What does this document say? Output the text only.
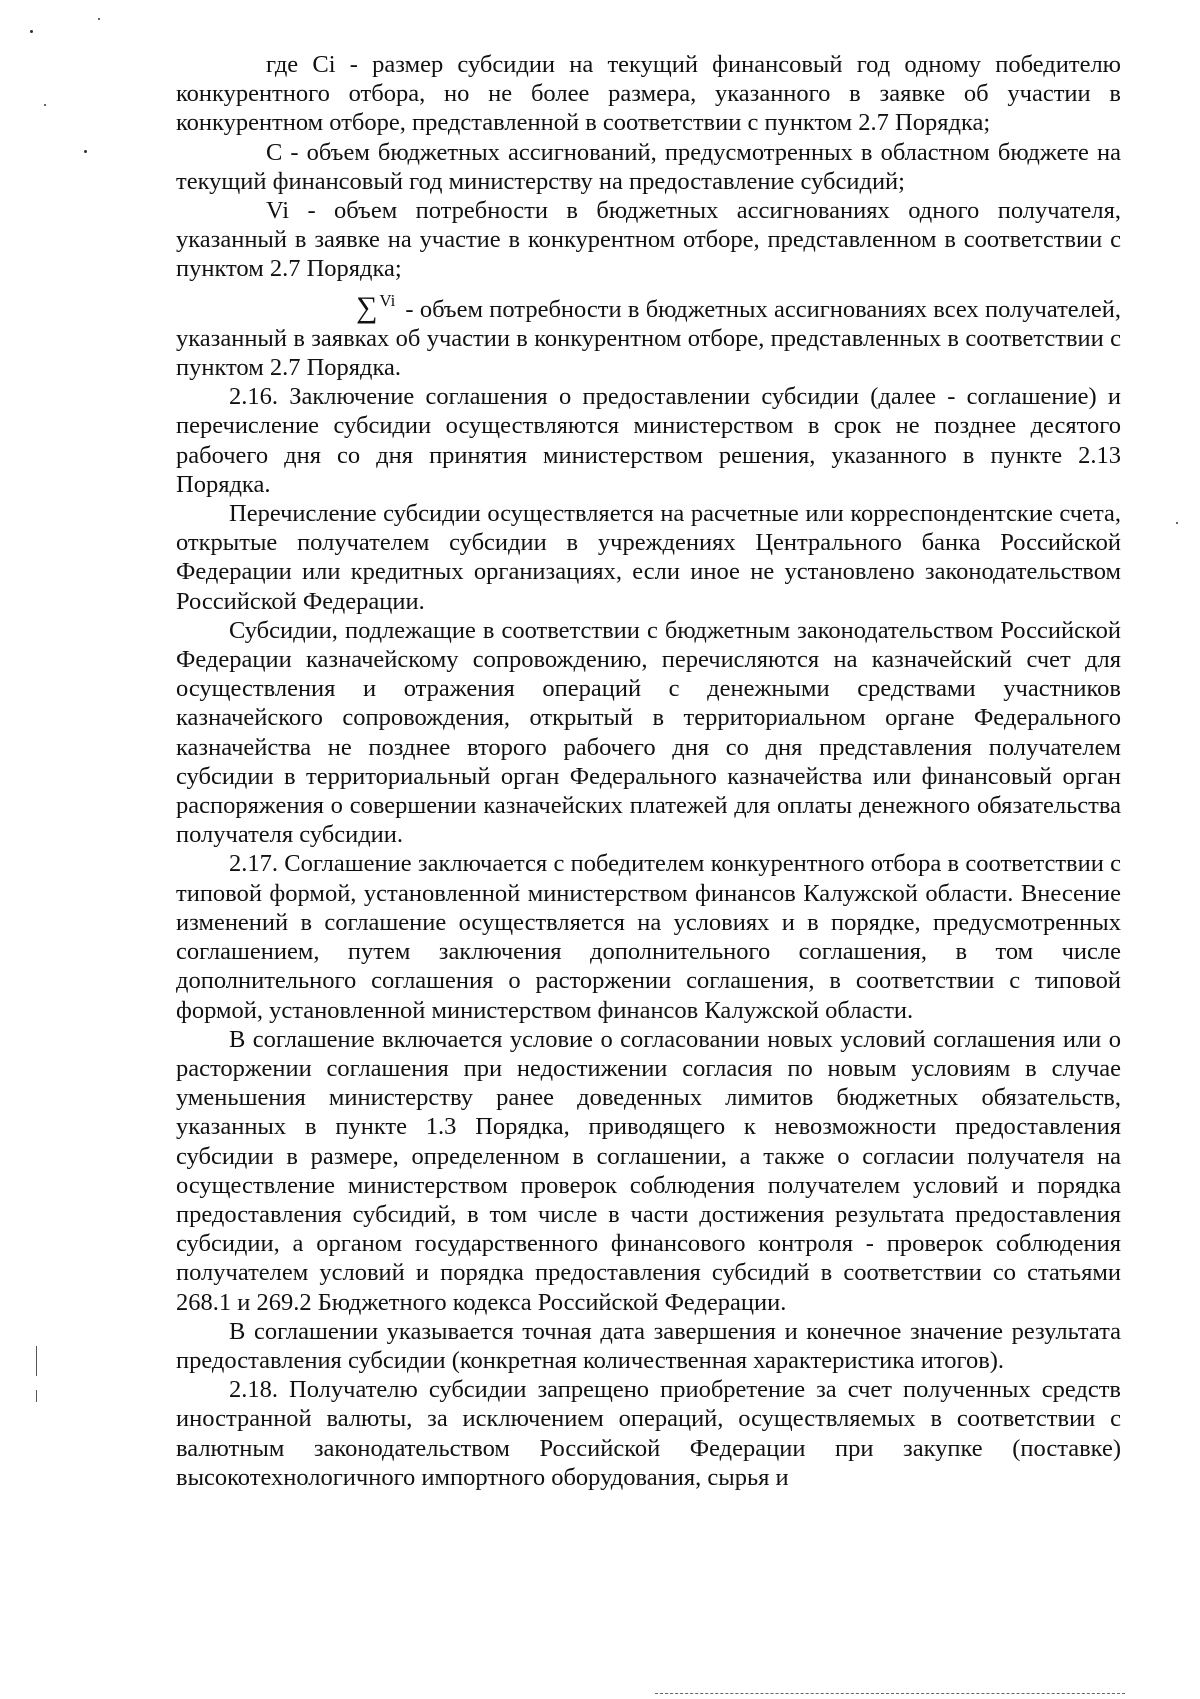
где Ci - размер субсидии на текущий финансовый год одному победителю конкурентного отбора, но не более размера, указанного в заявке об участии в конкурентном отборе, представленной в соответствии с пунктом 2.7 Порядка;

С - объем бюджетных ассигнований, предусмотренных в областном бюджете на текущий финансовый год министерству на предоставление субсидий;

Vi - объем потребности в бюджетных ассигнованиях одного получателя, указанный в заявке на участие в конкурентном отборе, представленном в соответствии с пунктом 2.7 Порядка;

∑ $^{Vi}$ - объем потребности в бюджетных ассигнованиях всех получателей, указанный в заявках об участии в конкурентном отборе, представленных в соответствии с пунктом 2.7 Порядка.

2.16. Заключение соглашения о предоставлении субсидии (далее - соглашение) и перечисление субсидии осуществляются министерством в срок не позднее десятого рабочего дня со дня принятия министерством решения, указанного в пункте 2.13 Порядка.

Перечисление субсидии осуществляется на расчетные или корреспондентские счета, открытые получателем субсидии в учреждениях Центрального банка Российской Федерации или кредитных организациях, если иное не установлено законодательством Российской Федерации.

Субсидии, подлежащие в соответствии с бюджетным законодательством Российской Федерации казначейскому сопровождению, перечисляются на казначейский счет для осуществления и отражения операций с денежными средствами участников казначейского сопровождения, открытый в территориальном органе Федерального казначейства не позднее второго рабочего дня со дня представления получателем субсидии в территориальный орган Федерального казначейства или финансовый орган распоряжения о совершении казначейских платежей для оплаты денежного обязательства получателя субсидии.

2.17. Соглашение заключается с победителем конкурентного отбора в соответствии с типовой формой, установленной министерством финансов Калужской области. Внесение изменений в соглашение осуществляется на условиях и в порядке, предусмотренных соглашением, путем заключения дополнительного соглашения, в том числе дополнительного соглашения о расторжении соглашения, в соответствии с типовой формой, установленной министерством финансов Калужской области.

В соглашение включается условие о согласовании новых условий соглашения или о расторжении соглашения при недостижении согласия по новым условиям в случае уменьшения министерству ранее доведенных лимитов бюджетных обязательств, указанных в пункте 1.3 Порядка, приводящего к невозможности предоставления субсидии в размере, определенном в соглашении, а также о согласии получателя на осуществление министерством проверок соблюдения получателем условий и порядка предоставления субсидий, в том числе в части достижения результата предоставления субсидии, а органом государственного финансового контроля - проверок соблюдения получателем условий и порядка предоставления субсидий в соответствии со статьями 268.1 и 269.2 Бюджетного кодекса Российской Федерации.

В соглашении указывается точная дата завершения и конечное значение результата предоставления субсидии (конкретная количественная характеристика итогов).

2.18. Получателю субсидии запрещено приобретение за счет полученных средств иностранной валюты, за исключением операций, осуществляемых в соответствии с валютным законодательством Российской Федерации при закупке (поставке) высокотехнологичного импортного оборудования, сырья и
